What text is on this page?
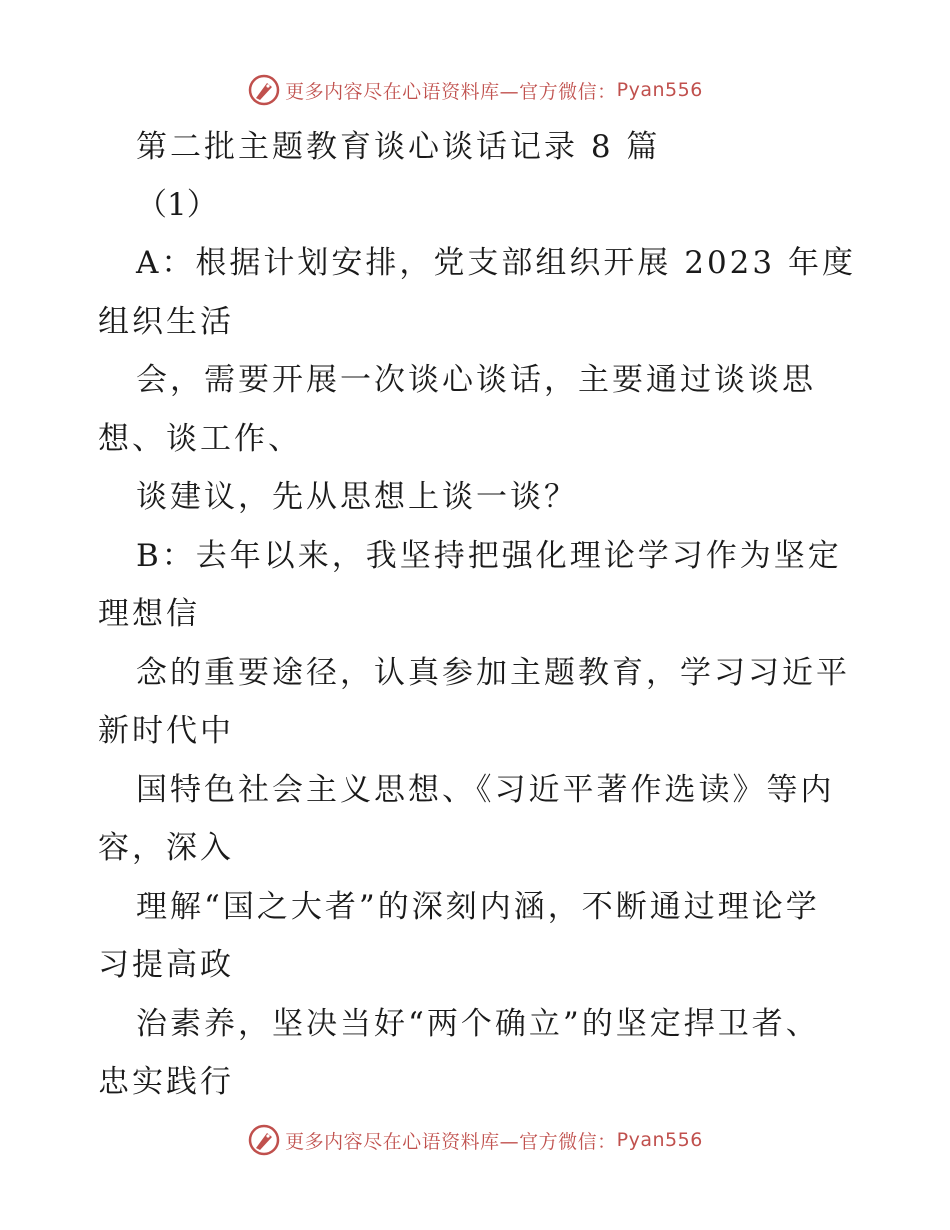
更多内容尽在心语资料库—官方微信： Pyan556
第二批主题教育谈心谈话记录 8 篇
（1）
A：根据计划安排，党支部组织开展 2023 年度
组织生活
会，需要开展一次谈心谈话，主要通过谈谈思
想、谈工作、
谈建议，先从思想上谈一谈？
B：去年以来，我坚持把强化理论学习作为坚定
理想信
念的重要途径，认真参加主题教育，学习习近平
新时代中
国特色社会主义思想、《习近平著作选读》等内
容，深入
理解“国之大者”的深刻内涵，不断通过理论学
习提高政
治素养，坚决当好“两个确立”的坚定捍卫者、
忠实践行
更多内容尽在心语资料库—官方微信： Pyan556
